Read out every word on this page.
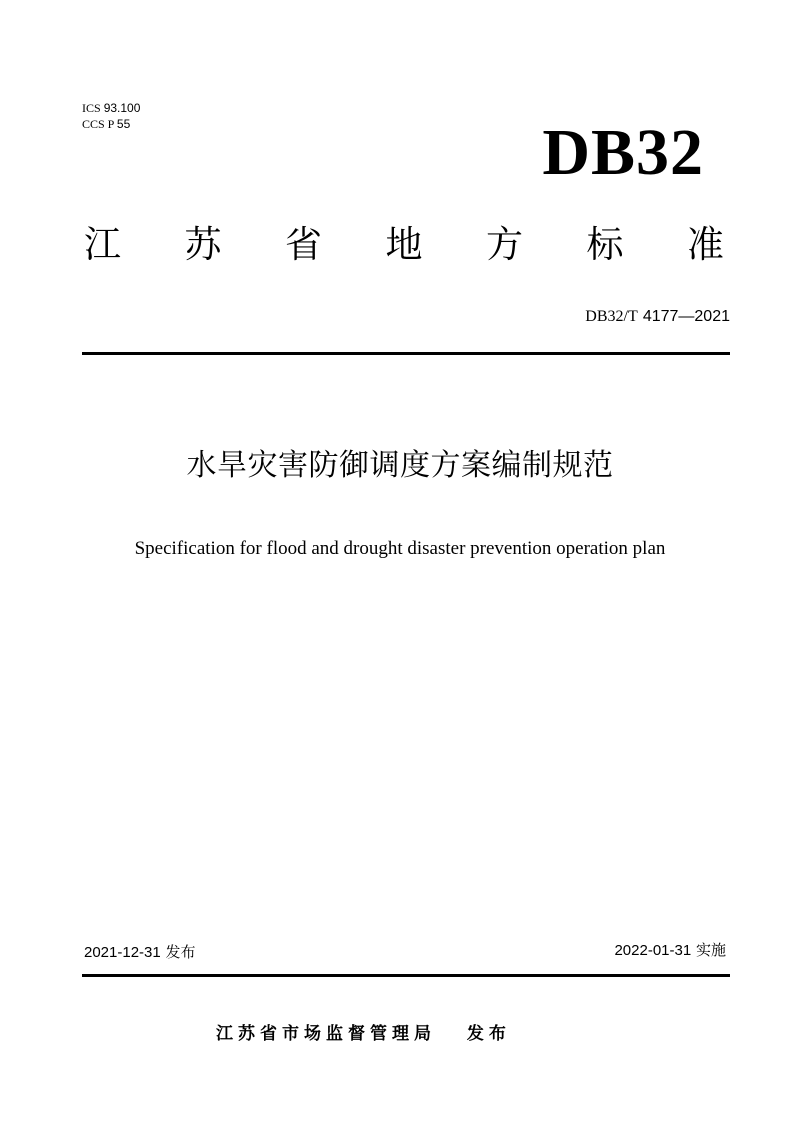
ICS 93.100
CCS P 55	DB32
江 苏 省 地 方 标 准
DB32/T 4177—2021
水旱灾害防御调度方案编制规范
Specification for flood and drought disaster prevention operation plan
2021-12-31 发布	2022-01-31 实施
江苏省市场监督管理局 发布
